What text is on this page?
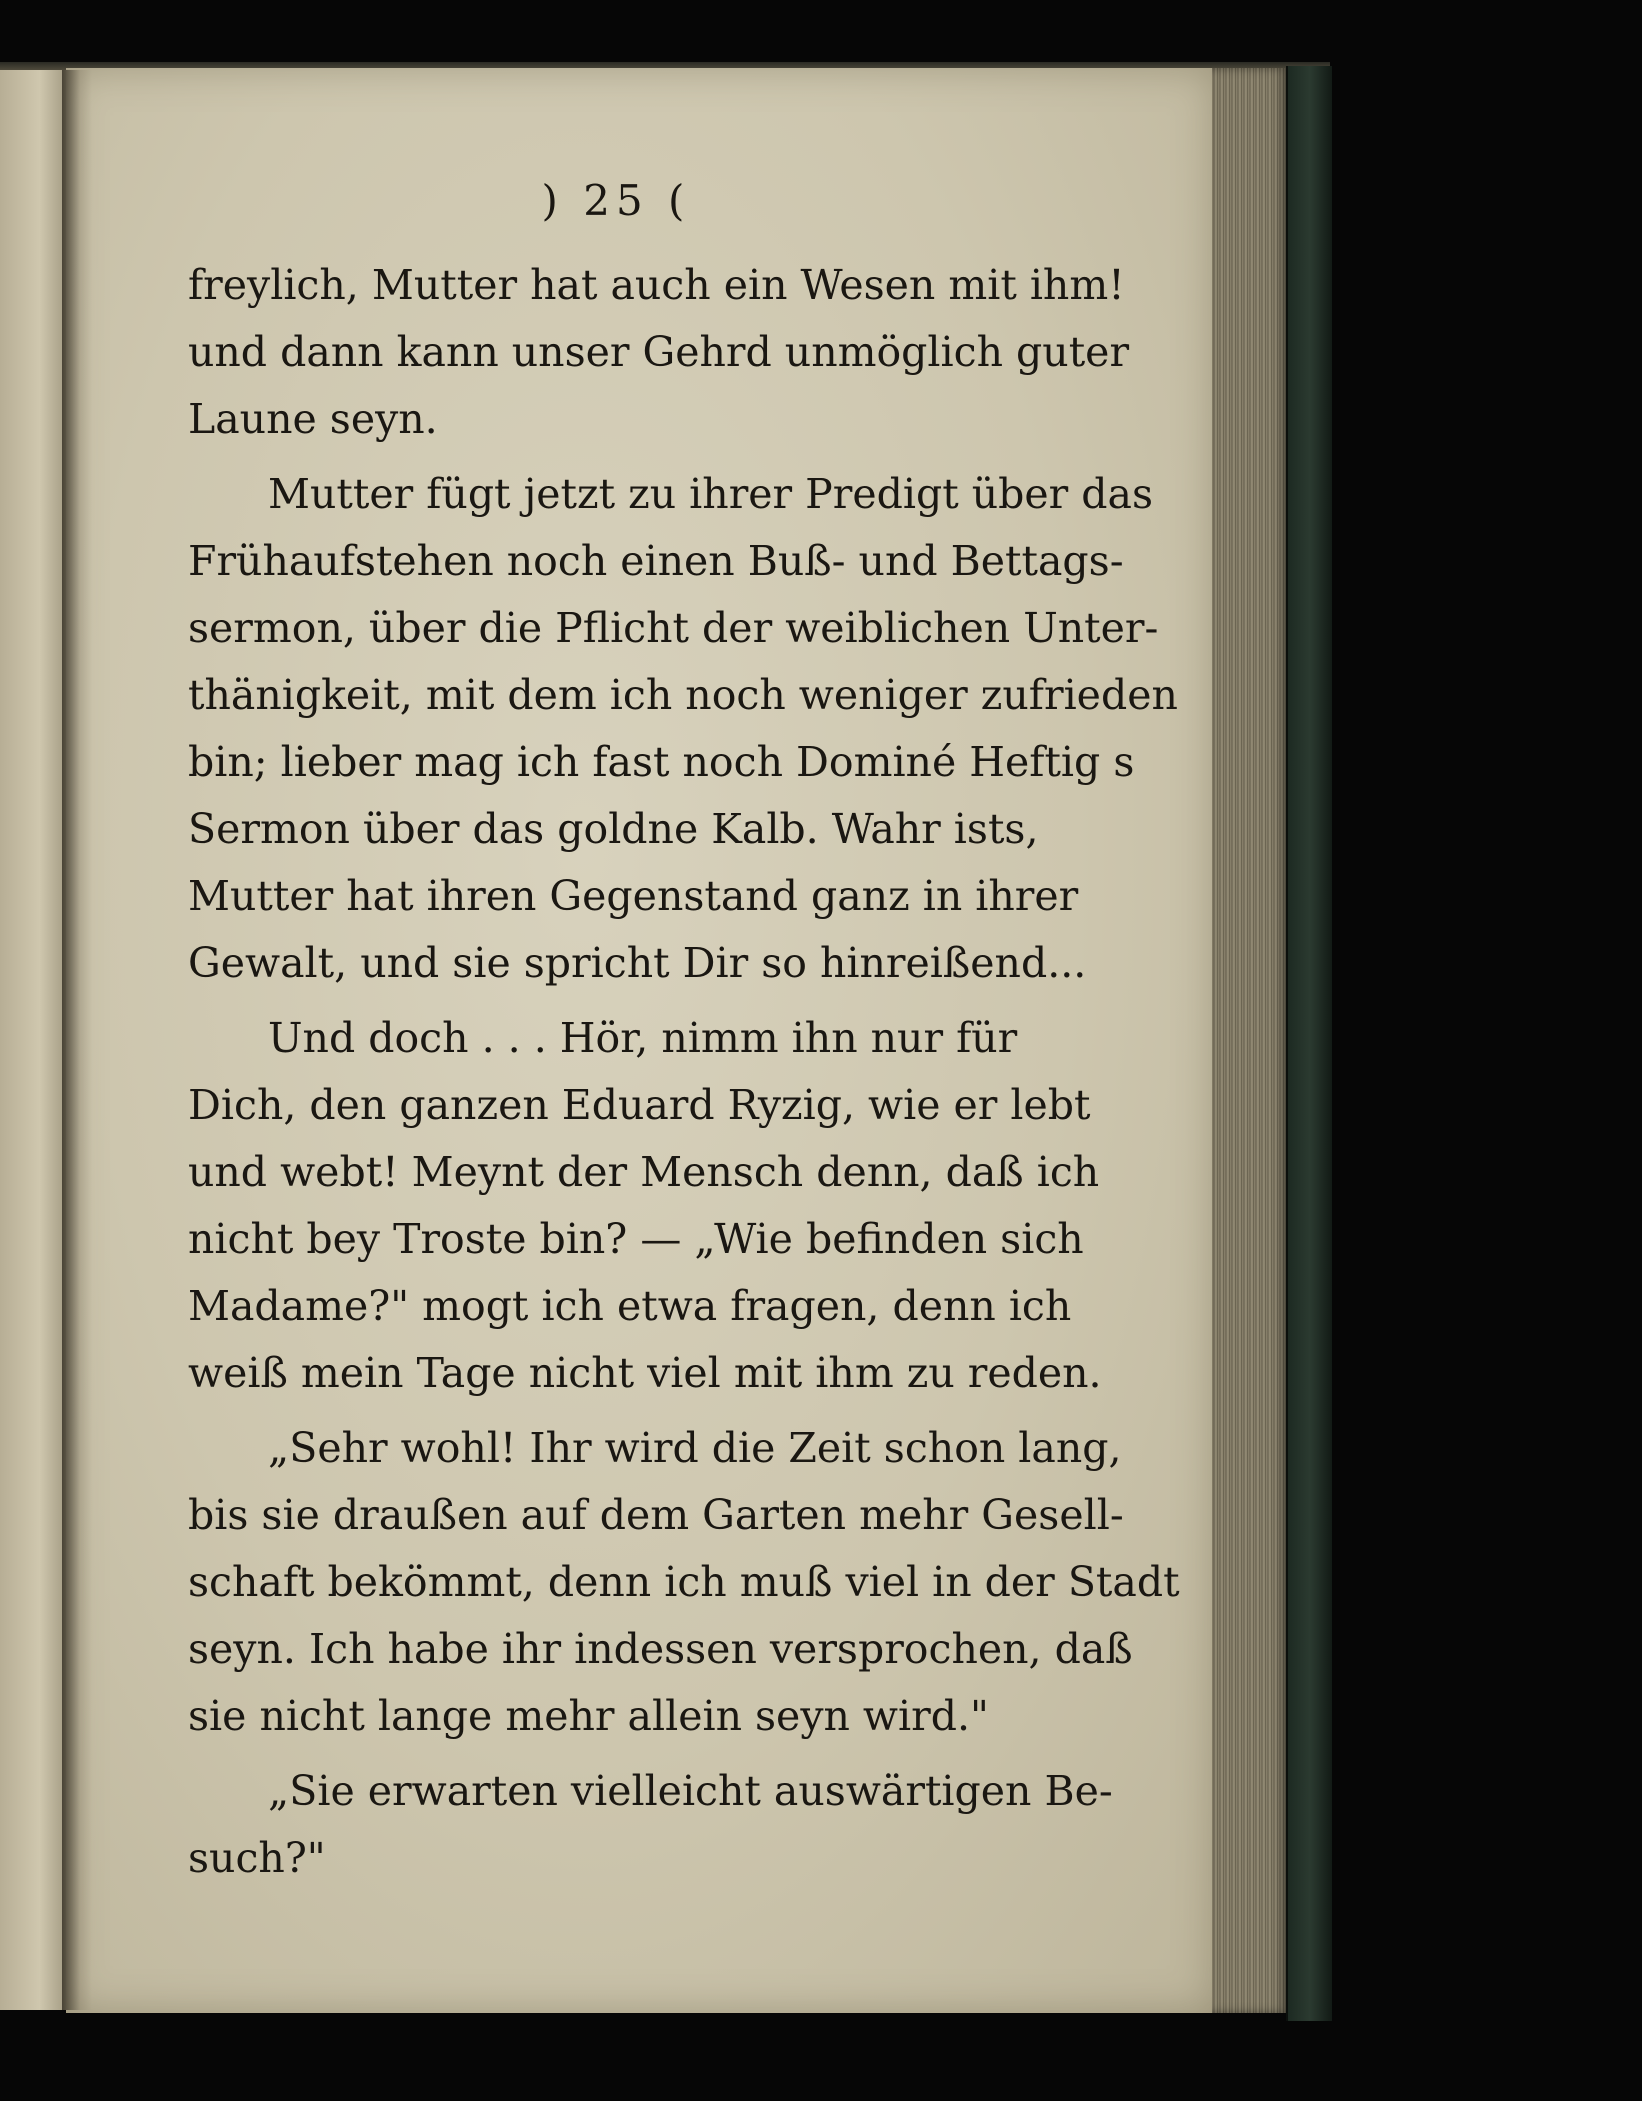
) 25 (
freylich, Mutter hat auch ein Wesen mit ihm!
und dann kann unser Gehrd unmöglich guter
Laune seyn.
Mutter fügt jetzt zu ihrer Predigt über das
Frühaufstehen noch einen Buß- und Bettags-
sermon, über die Pflicht der weiblichen Unter-
thänigkeit, mit dem ich noch weniger zufrieden
bin; lieber mag ich fast noch Dominé Heftig s
Sermon über das goldne Kalb. Wahr ists,
Mutter hat ihren Gegenstand ganz in ihrer
Gewalt, und sie spricht Dir so hinreißend...
Und doch . . . Hör, nimm ihn nur für
Dich, den ganzen Eduard Ryzig, wie er lebt
und webt! Meynt der Mensch denn, daß ich
nicht bey Troste bin? — „Wie befinden sich
Madame?" mogt ich etwa fragen, denn ich
weiß mein Tage nicht viel mit ihm zu reden.
„Sehr wohl! Ihr wird die Zeit schon lang,
bis sie draußen auf dem Garten mehr Gesell-
schaft bekömmt, denn ich muß viel in der Stadt
seyn. Ich habe ihr indessen versprochen, daß
sie nicht lange mehr allein seyn wird."
„Sie erwarten vielleicht auswärtigen Be-
such?"
